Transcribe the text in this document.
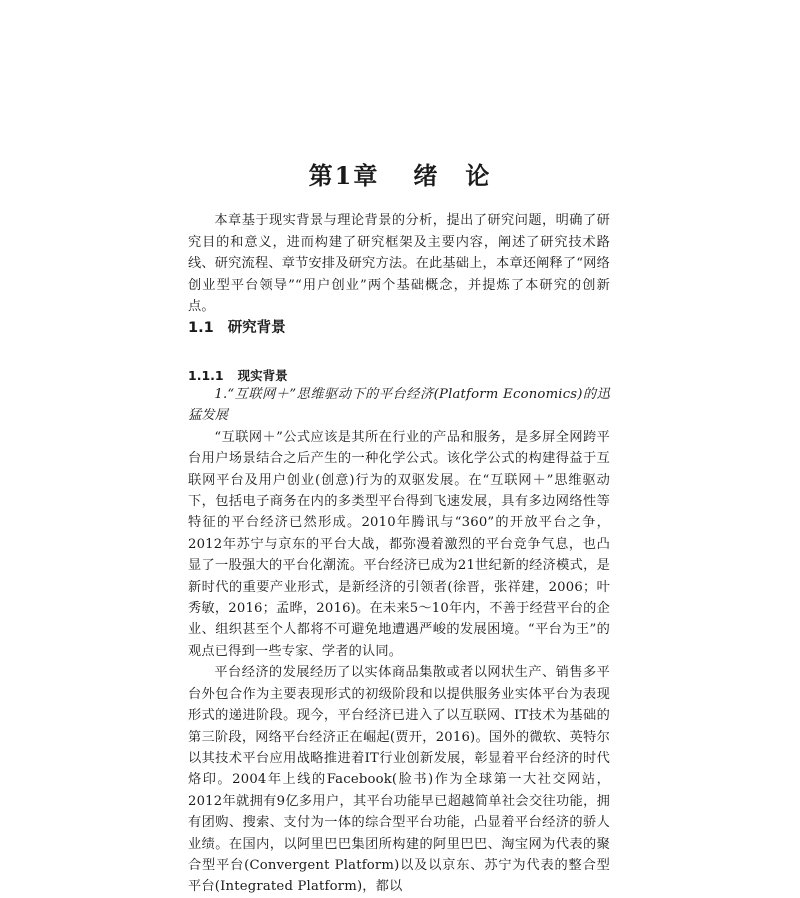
第1章 绪　论

本章基于现实背景与理论背景的分析，提出了研究问题，明确了研究目的和意义，进而构建了研究框架及主要内容，阐述了研究技术路线、研究流程、章节安排及研究方法。在此基础上，本章还阐释了“网络创业型平台领导”“用户创业”两个基础概念，并提炼了本研究的创新点。

1.1 研究背景
1.1.1 现实背景

1.“互联网＋”思维驱动下的平台经济(Platform Economics)的迅猛发展

“互联网＋”公式应该是其所在行业的产品和服务，是多屏全网跨平台用户场景结合之后产生的一种化学公式。该化学公式的构建得益于互联网平台及用户创业(创意)行为的双驱发展。在“互联网＋”思维驱动下，包括电子商务在内的多类型平台得到飞速发展，具有多边网络性等特征的平台经济已然形成。2010年腾讯与“360”的开放平台之争，2012年苏宁与京东的平台大战，都弥漫着激烈的平台竞争气息，也凸显了一股强大的平台化潮流。平台经济已成为21世纪新的经济模式，是新时代的重要产业形式，是新经济的引领者(徐晋，张祥建，2006；叶秀敏，2016；孟晔，2016)。在未来5～10年内，不善于经营平台的企业、组织甚至个人都将不可避免地遭遇严峻的发展困境。“平台为王”的观点已得到一些专家、学者的认同。

平台经济的发展经历了以实体商品集散或者以网状生产、销售多平台外包合作为主要表现形式的初级阶段和以提供服务业实体平台为表现形式的递进阶段。现今，平台经济已进入了以互联网、IT技术为基础的第三阶段，网络平台经济正在崛起(贾开，2016)。国外的微软、英特尔以其技术平台应用战略推进着IT行业创新发展，彰显着平台经济的时代烙印。2004年上线的Facebook(脸书)作为全球第一大社交网站，2012年就拥有9亿多用户，其平台功能早已超越简单社会交往功能，拥有团购、搜索、支付为一体的综合型平台功能，凸显着平台经济的骄人业绩。在国内，以阿里巴巴集团所构建的阿里巴巴、淘宝网为代表的聚合型平台(Convergent Platform)以及以京东、苏宁为代表的整合型平台(Integrated Platform)，都以
